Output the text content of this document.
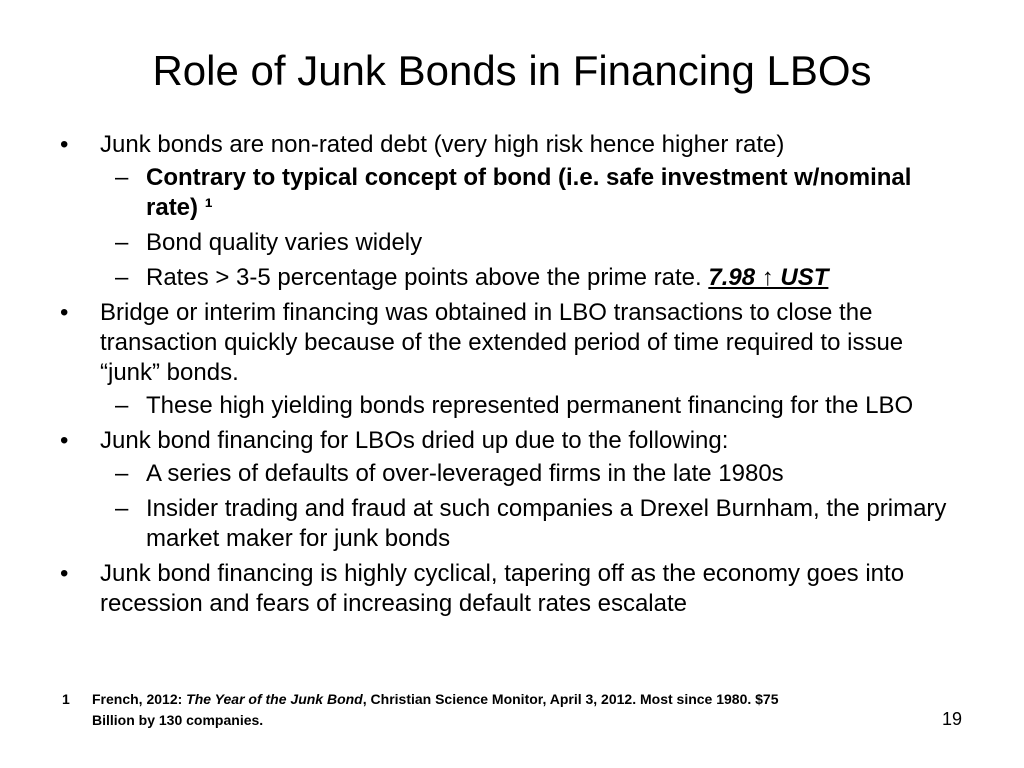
Role of Junk Bonds in Financing LBOs
• Junk bonds are non-rated debt (very high risk hence higher rate)
– Contrary to typical concept of bond (i.e. safe investment w/nominal rate) ¹
– Bond quality varies widely
– Rates > 3-5 percentage points above the prime rate. 7.98 ↑ UST
• Bridge or interim financing was obtained in LBO transactions to close the transaction quickly because of the extended period of time required to issue “junk” bonds.
– These high yielding bonds represented permanent financing for the LBO
• Junk bond financing for LBOs dried up due to the following:
– A series of defaults of over-leveraged firms in the late 1980s
– Insider trading and fraud at such companies a Drexel Burnham, the primary market maker for junk bonds
• Junk bond financing is highly cyclical, tapering off as the economy goes into recession and fears of increasing default rates escalate
1	French, 2012: The Year of the Junk Bond, Christian Science Monitor, April 3, 2012. Most since 1980. $75
Billion by 130 companies.	19
